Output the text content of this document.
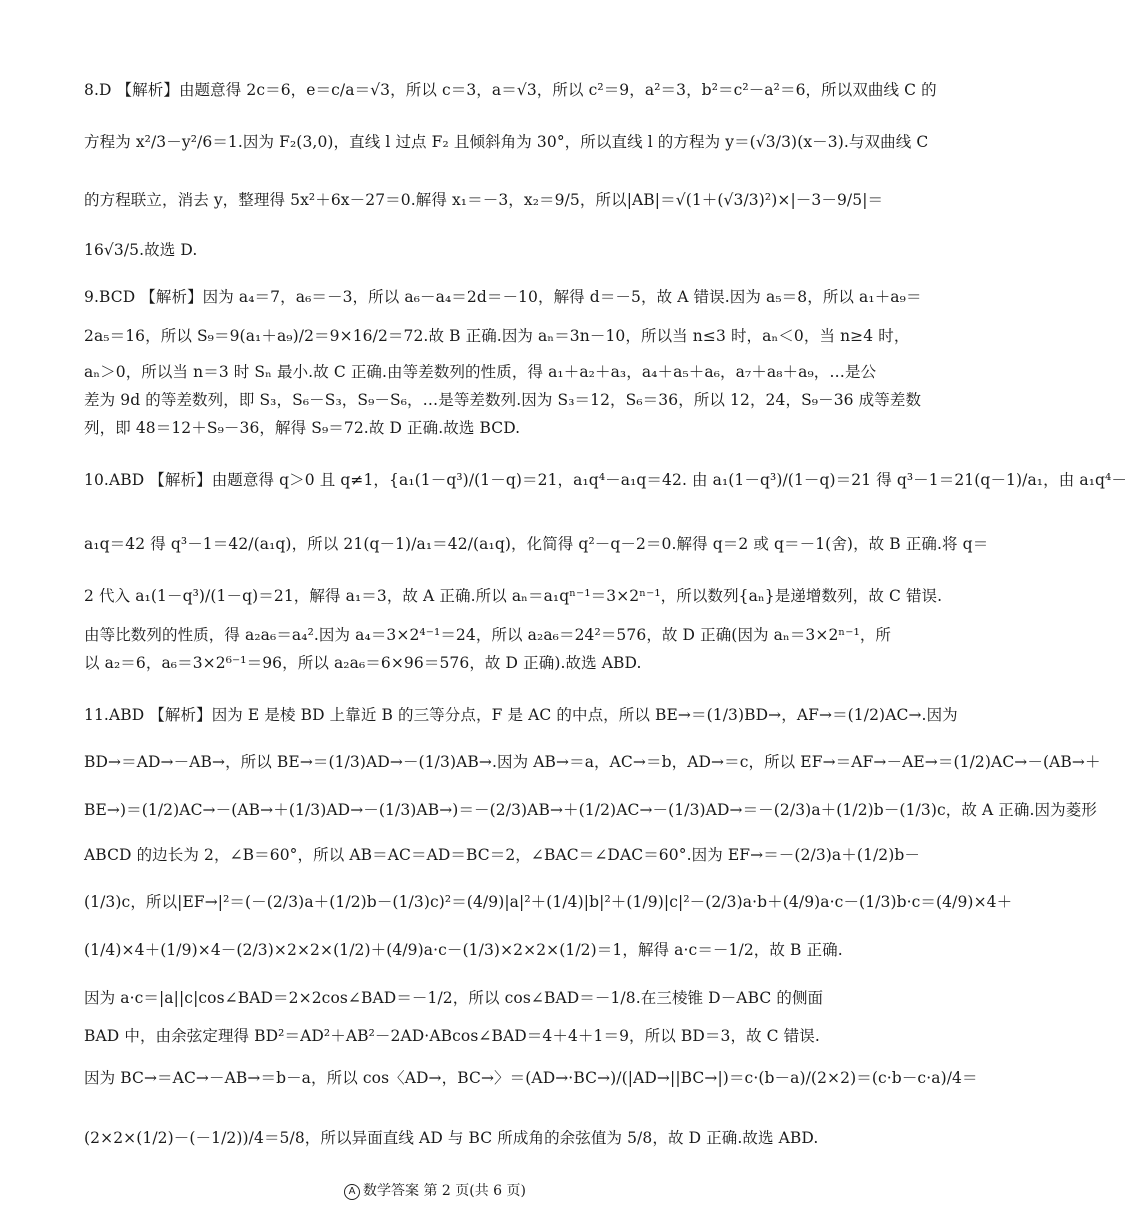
8.D 【解析】由题意得 2c＝6，e＝c/a＝√3，所以 c＝3，a＝√3，所以 c²＝9，a²＝3，b²＝c²－a²＝6，所以双曲线 C 的
方程为 x²/3－y²/6＝1.因为 F₂(3,0)，直线 l 过点 F₂ 且倾斜角为 30°，所以直线 l 的方程为 y＝(√3/3)(x－3).与双曲线 C
的方程联立，消去 y，整理得 5x²＋6x－27＝0.解得 x₁＝－3，x₂＝9/5，所以|AB|＝√(1＋(√3/3)²)×|－3－9/5|＝
16√3/5.故选 D.
9.BCD 【解析】因为 a₄＝7，a₆＝－3，所以 a₆－a₄＝2d＝－10，解得 d＝－5，故 A 错误.因为 a₅＝8，所以 a₁＋a₉＝
2a₅＝16，所以 S₉＝9(a₁＋a₉)/2＝9×16/2＝72.故 B 正确.因为 aₙ＝3n－10，所以当 n≤3 时，aₙ＜0，当 n≥4 时，
aₙ＞0，所以当 n＝3 时 Sₙ 最小.故 C 正确.由等差数列的性质，得 a₁＋a₂＋a₃，a₄＋a₅＋a₆，a₇＋a₈＋a₉，…是公
差为 9d 的等差数列，即 S₃，S₆－S₃，S₉－S₆，…是等差数列.因为 S₃＝12，S₆＝36，所以 12，24，S₉－36 成等差数
列，即 48＝12＋S₉－36，解得 S₉＝72.故 D 正确.故选 BCD.
10.ABD 【解析】由题意得 q＞0 且 q≠1，{a₁(1－q³)/(1－q)＝21，a₁q⁴－a₁q＝42. 由 a₁(1－q³)/(1－q)＝21 得 q³－1＝21(q－1)/a₁，由 a₁q⁴－
a₁q＝42 得 q³－1＝42/(a₁q)，所以 21(q－1)/a₁＝42/(a₁q)，化简得 q²－q－2＝0.解得 q＝2 或 q＝－1(舍)，故 B 正确.将 q＝
2 代入 a₁(1－q³)/(1－q)＝21，解得 a₁＝3，故 A 正确.所以 aₙ＝a₁qⁿ⁻¹＝3×2ⁿ⁻¹，所以数列{aₙ}是递增数列，故 C 错误.
由等比数列的性质，得 a₂a₆＝a₄².因为 a₄＝3×2⁴⁻¹＝24，所以 a₂a₆＝24²＝576，故 D 正确(因为 aₙ＝3×2ⁿ⁻¹，所
以 a₂＝6，a₆＝3×2⁶⁻¹＝96，所以 a₂a₆＝6×96＝576，故 D 正确).故选 ABD.
11.ABD 【解析】因为 E 是棱 BD 上靠近 B 的三等分点，F 是 AC 的中点，所以 BE→＝(1/3)BD→，AF→＝(1/2)AC→.因为
BD→＝AD→－AB→，所以 BE→＝(1/3)AD→－(1/3)AB→.因为 AB→＝a，AC→＝b，AD→＝c，所以 EF→＝AF→－AE→＝(1/2)AC→－(AB→＋
BE→)＝(1/2)AC→－(AB→＋(1/3)AD→－(1/3)AB→)＝－(2/3)AB→＋(1/2)AC→－(1/3)AD→＝－(2/3)a＋(1/2)b－(1/3)c，故 A 正确.因为菱形
ABCD 的边长为 2，∠B＝60°，所以 AB＝AC＝AD＝BC＝2，∠BAC＝∠DAC＝60°.因为 EF→＝－(2/3)a＋(1/2)b－
(1/3)c，所以|EF→|²＝(－(2/3)a＋(1/2)b－(1/3)c)²＝(4/9)|a|²＋(1/4)|b|²＋(1/9)|c|²－(2/3)a·b＋(4/9)a·c－(1/3)b·c＝(4/9)×4＋
(1/4)×4＋(1/9)×4－(2/3)×2×2×(1/2)＋(4/9)a·c－(1/3)×2×2×(1/2)＝1，解得 a·c＝－1/2，故 B 正确.
因为 a·c＝|a||c|cos∠BAD＝2×2cos∠BAD＝－1/2，所以 cos∠BAD＝－1/8.在三棱锥 D－ABC 的侧面
BAD 中，由余弦定理得 BD²＝AD²＋AB²－2AD·ABcos∠BAD＝4＋4＋1＝9，所以 BD＝3，故 C 错误.
因为 BC→＝AC→－AB→＝b－a，所以 cos〈AD→，BC→〉＝(AD→·BC→)/(|AD→||BC→|)＝c·(b－a)/(2×2)＝(c·b－c·a)/4＝
(2×2×(1/2)－(－1/2))/4＝5/8，所以异面直线 AD 与 BC 所成角的余弦值为 5/8，故 D 正确.故选 ABD.
A 数学答案 第 2 页(共 6 页)
